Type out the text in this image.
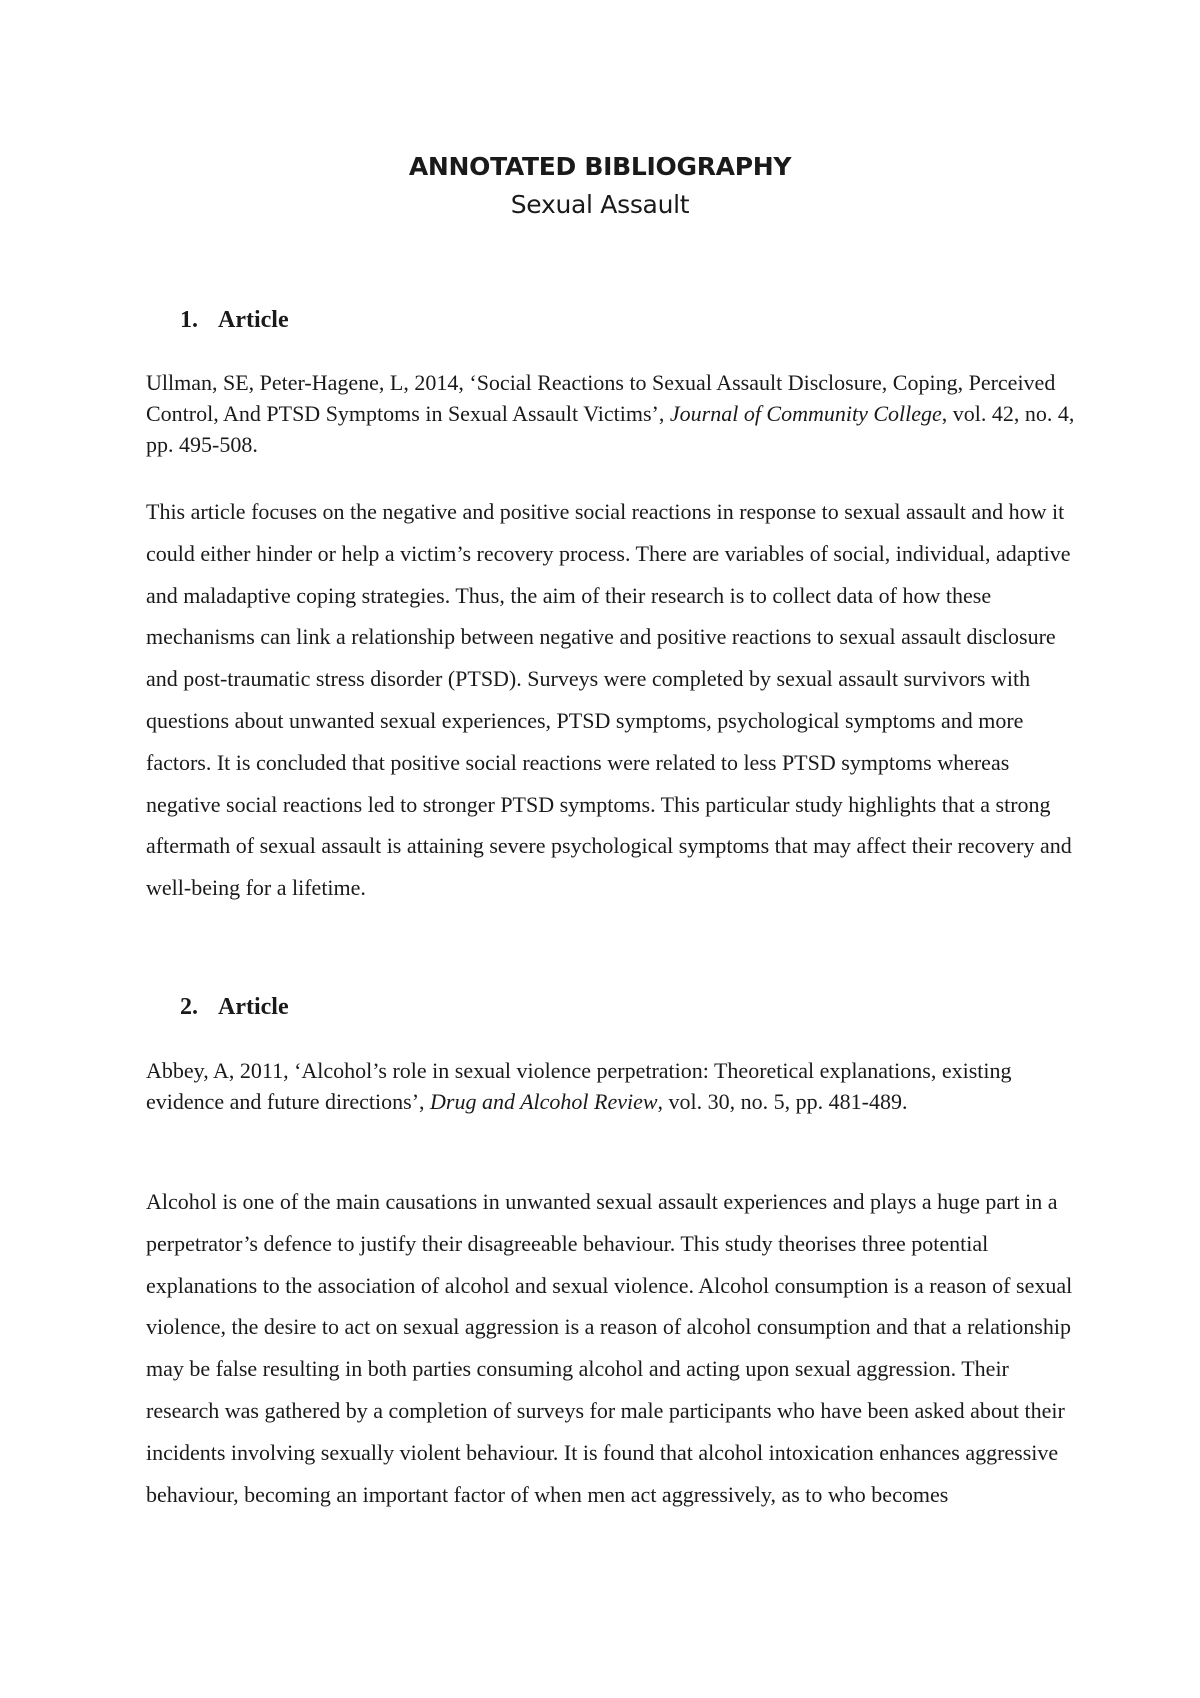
ANNOTATED BIBLIOGRAPHY
Sexual Assault
1. Article
Ullman, SE, Peter-Hagene, L, 2014, ‘Social Reactions to Sexual Assault Disclosure, Coping, Perceived Control, And PTSD Symptoms in Sexual Assault Victims’, Journal of Community College, vol. 42, no. 4, pp. 495-508.
This article focuses on the negative and positive social reactions in response to sexual assault and how it could either hinder or help a victim’s recovery process. There are variables of social, individual, adaptive and maladaptive coping strategies. Thus, the aim of their research is to collect data of how these mechanisms can link a relationship between negative and positive reactions to sexual assault disclosure and post-traumatic stress disorder (PTSD). Surveys were completed by sexual assault survivors with questions about unwanted sexual experiences, PTSD symptoms, psychological symptoms and more factors. It is concluded that positive social reactions were related to less PTSD symptoms whereas negative social reactions led to stronger PTSD symptoms. This particular study highlights that a strong aftermath of sexual assault is attaining severe psychological symptoms that may affect their recovery and well-being for a lifetime.
2. Article
Abbey, A, 2011, ‘Alcohol’s role in sexual violence perpetration: Theoretical explanations, existing evidence and future directions’, Drug and Alcohol Review, vol. 30, no. 5, pp. 481-489.
Alcohol is one of the main causations in unwanted sexual assault experiences and plays a huge part in a perpetrator’s defence to justify their disagreeable behaviour. This study theorises three potential explanations to the association of alcohol and sexual violence. Alcohol consumption is a reason of sexual violence, the desire to act on sexual aggression is a reason of alcohol consumption and that a relationship may be false resulting in both parties consuming alcohol and acting upon sexual aggression. Their research was gathered by a completion of surveys for male participants who have been asked about their incidents involving sexually violent behaviour. It is found that alcohol intoxication enhances aggressive behaviour, becoming an important factor of when men act aggressively, as to who becomes
